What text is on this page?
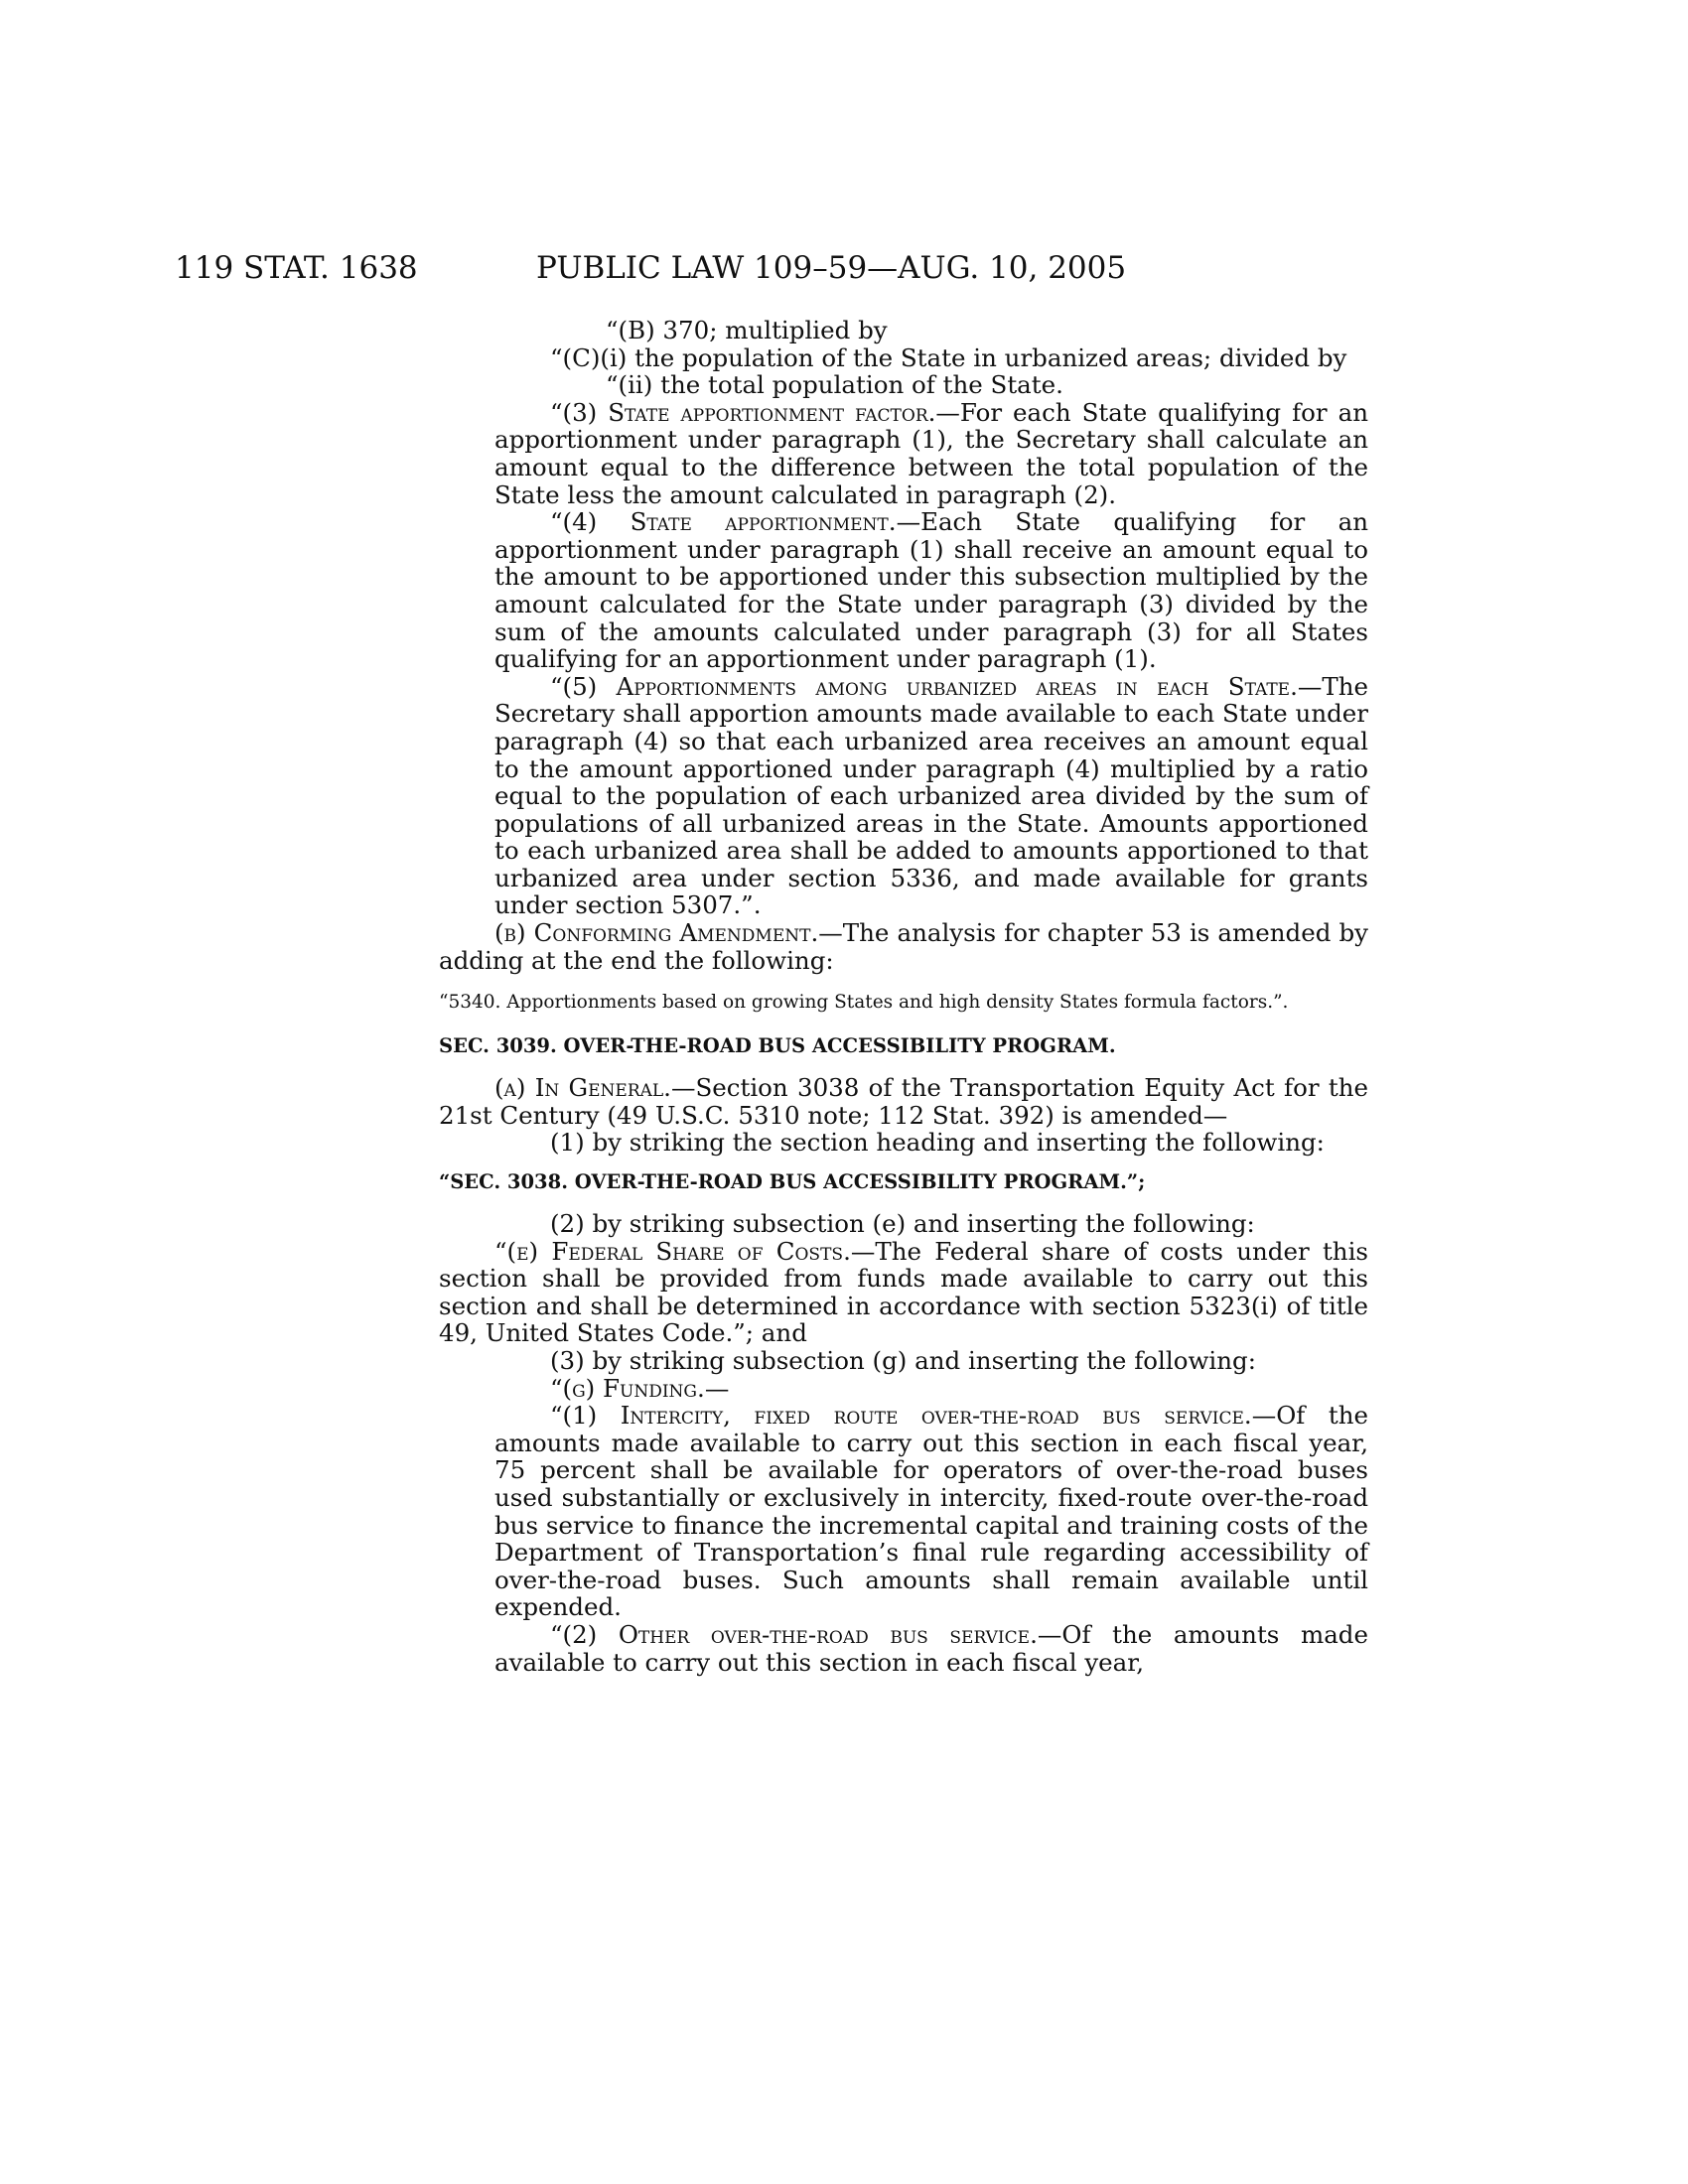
119 STAT. 1638	PUBLIC LAW 109–59—AUG. 10, 2005

“(B) 370; multiplied by

“(C)(i) the population of the State in urbanized areas; divided by

“(ii) the total population of the State.

“(3) State apportionment factor.—For each State qualifying for an apportionment under paragraph (1), the Secretary shall calculate an amount equal to the difference between the total population of the State less the amount calculated in paragraph (2).

“(4) State apportionment.—Each State qualifying for an apportionment under paragraph (1) shall receive an amount equal to the amount to be apportioned under this subsection multiplied by the amount calculated for the State under paragraph (3) divided by the sum of the amounts calculated under paragraph (3) for all States qualifying for an apportionment under paragraph (1).

“(5) Apportionments among urbanized areas in each State.—The Secretary shall apportion amounts made available to each State under paragraph (4) so that each urbanized area receives an amount equal to the amount apportioned under paragraph (4) multiplied by a ratio equal to the population of each urbanized area divided by the sum of populations of all urbanized areas in the State. Amounts apportioned to each urbanized area shall be added to amounts apportioned to that urbanized area under section 5336, and made available for grants under section 5307.”.

(b) Conforming Amendment.—The analysis for chapter 53 is amended by adding at the end the following:

“5340. Apportionments based on growing States and high density States formula factors.”.

SEC. 3039. OVER-THE-ROAD BUS ACCESSIBILITY PROGRAM.

(a) In General.—Section 3038 of the Transportation Equity Act for the 21st Century (49 U.S.C. 5310 note; 112 Stat. 392) is amended—

(1) by striking the section heading and inserting the following:

“SEC. 3038. OVER-THE-ROAD BUS ACCESSIBILITY PROGRAM.”;

(2) by striking subsection (e) and inserting the following:

“(e) Federal Share of Costs.—The Federal share of costs under this section shall be provided from funds made available to carry out this section and shall be determined in accordance with section 5323(i) of title 49, United States Code.”; and

(3) by striking subsection (g) and inserting the following:

“(g) Funding.—

“(1) Intercity, fixed route over-the-road bus service.—Of the amounts made available to carry out this section in each fiscal year, 75 percent shall be available for operators of over-the-road buses used substantially or exclusively in intercity, fixed-route over-the-road bus service to finance the incremental capital and training costs of the Department of Transportation’s final rule regarding accessibility of over-the-road buses. Such amounts shall remain available until expended.

“(2) Other over-the-road bus service.—Of the amounts made available to carry out this section in each fiscal year,
